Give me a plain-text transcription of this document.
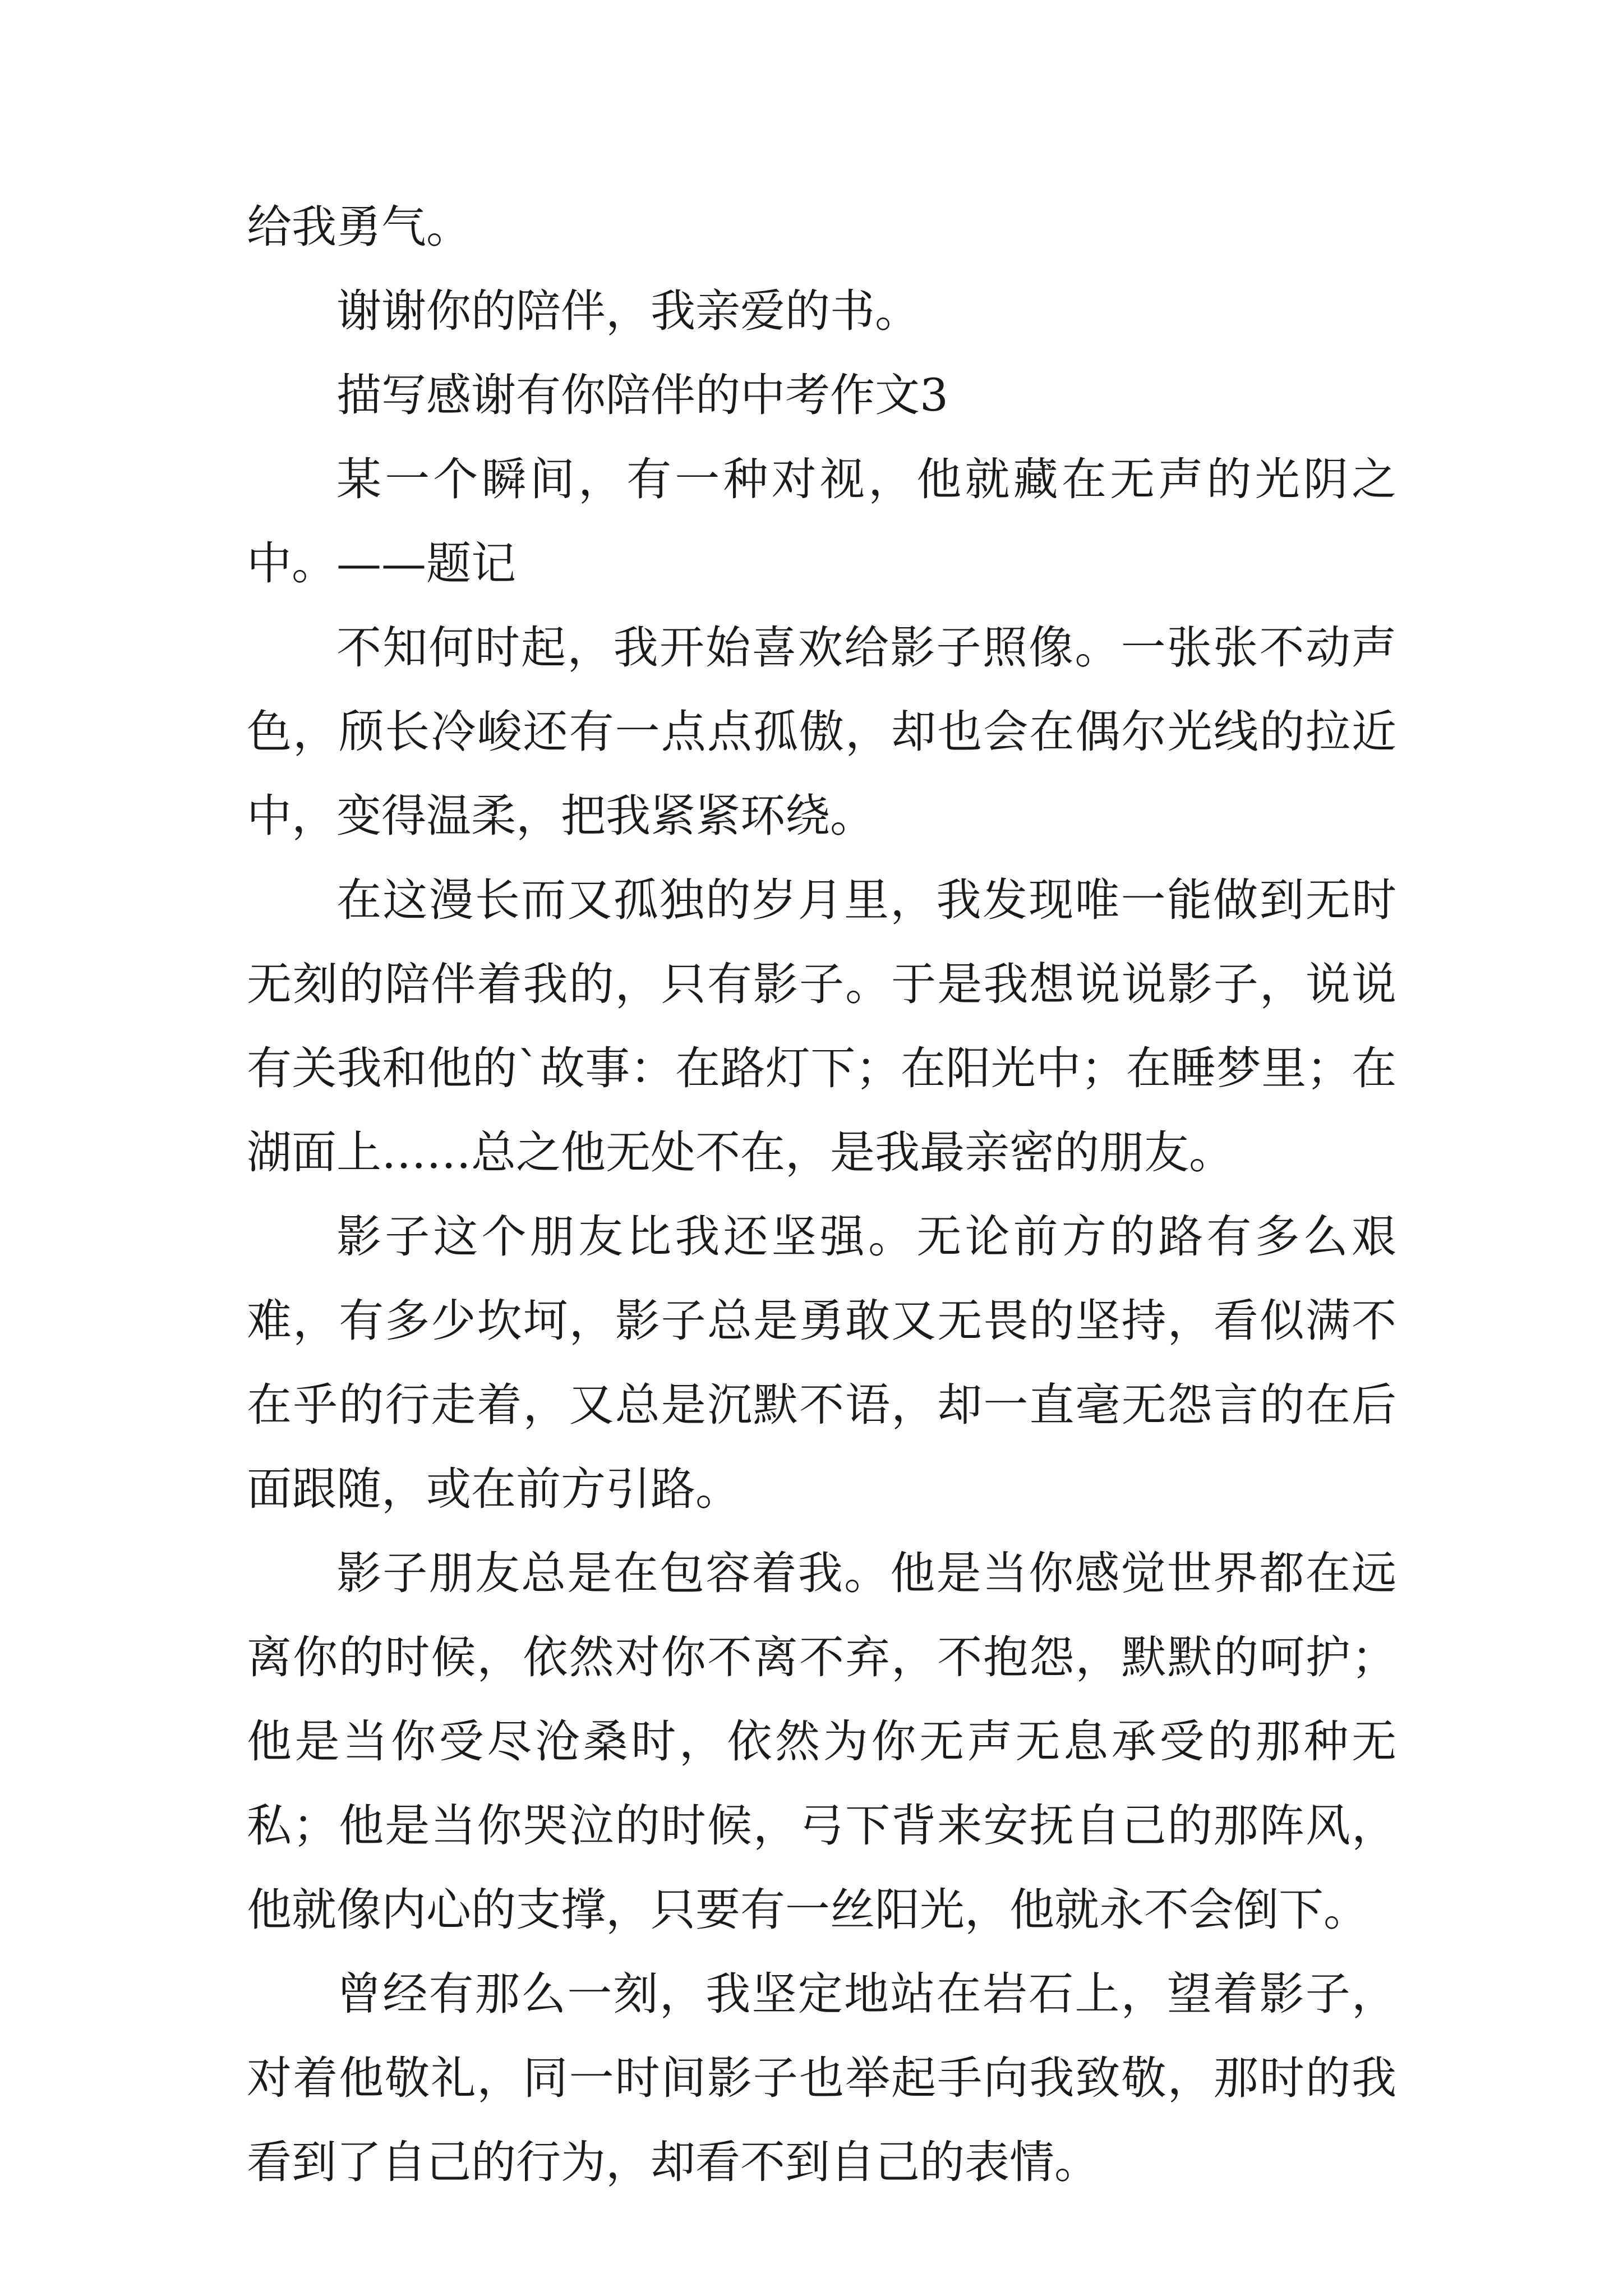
给我勇气。

谢谢你的陪伴，我亲爱的书。

描写感谢有你陪伴的中考作文3

某一个瞬间，有一种对视，他就藏在无声的光阴之中。——题记

不知何时起，我开始喜欢给影子照像。一张张不动声色，颀长冷峻还有一点点孤傲，却也会在偶尔光线的拉近中，变得温柔，把我紧紧环绕。

在这漫长而又孤独的岁月里，我发现唯一能做到无时无刻的陪伴着我的，只有影子。于是我想说说影子，说说有关我和他的`故事：在路灯下；在阳光中；在睡梦里；在湖面上……总之他无处不在，是我最亲密的朋友。

影子这个朋友比我还坚强。无论前方的路有多么艰难，有多少坎坷，影子总是勇敢又无畏的坚持，看似满不在乎的行走着，又总是沉默不语，却一直毫无怨言的在后面跟随，或在前方引路。

影子朋友总是在包容着我。他是当你感觉世界都在远离你的时候，依然对你不离不弃，不抱怨，默默的呵护；他是当你受尽沧桑时，依然为你无声无息承受的那种无私；他是当你哭泣的时候，弓下背来安抚自己的那阵风，他就像内心的支撑，只要有一丝阳光，他就永不会倒下。

曾经有那么一刻，我坚定地站在岩石上，望着影子，对着他敬礼，同一时间影子也举起手向我致敬，那时的我看到了自己的行为，却看不到自己的表情。
